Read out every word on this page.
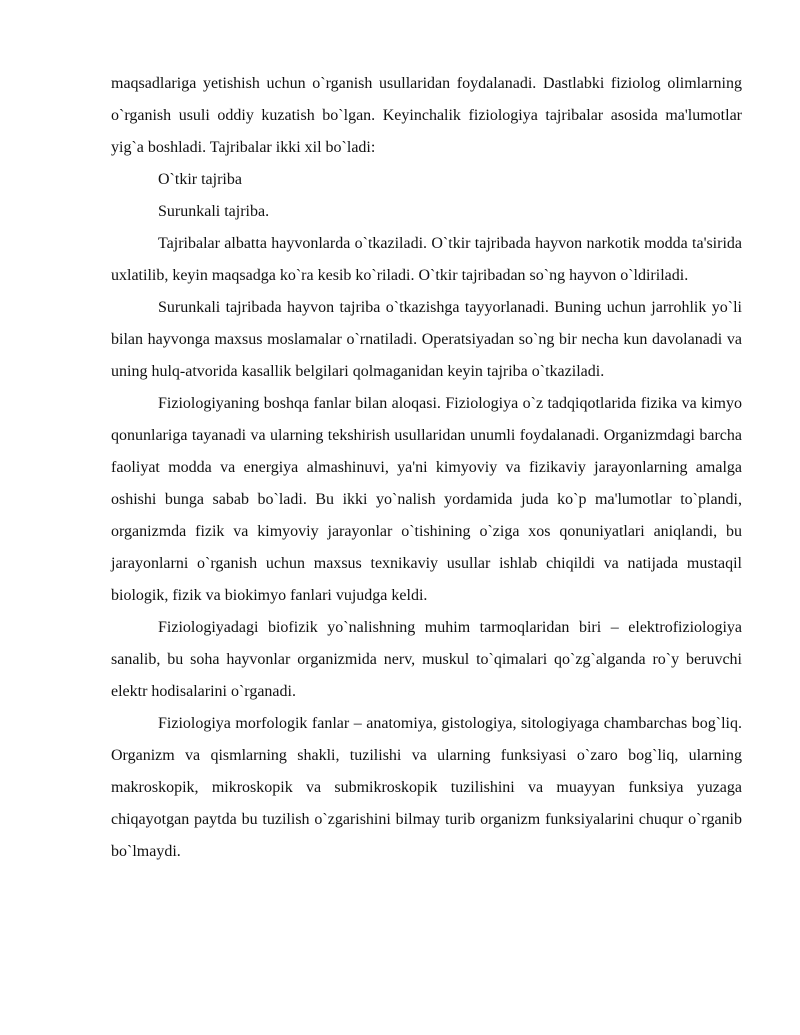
maqsadlariga yetishish uchun o`rganish usullaridan foydalanadi. Dastlabki fiziolog olimlarning o`rganish usuli oddiy kuzatish bo`lgan. Keyinchalik fiziologiya tajribalar asosida ma'lumotlar yig`a boshladi. Tajribalar ikki xil bo`ladi:

O`tkir tajriba

Surunkali tajriba.

Tajribalar albatta hayvonlarda o`tkaziladi. O`tkir tajribada hayvon narkotik modda ta'sirida uxlatilib, keyin maqsadga ko`ra kesib ko`riladi. O`tkir tajribadan so`ng hayvon o`ldiriladi.

Surunkali tajribada hayvon tajriba o`tkazishga tayyorlanadi. Buning uchun jarrohlik yo`li bilan hayvonga maxsus moslamalar o`rnatiladi. Operatsiyadan so`ng bir necha kun davolanadi va uning hulq-atvorida kasallik belgilari qolmaganidan keyin tajriba o`tkaziladi.

Fiziologiyaning boshqa fanlar bilan aloqasi. Fiziologiya o`z tadqiqotlarida fizika va kimyo qonunlariga tayanadi va ularning tekshirish usullaridan unumli foydalanadi. Organizmdagi barcha faoliyat modda va energiya almashinuvi, ya'ni kimyoviy va fizikaviy jarayonlarning amalga oshishi bunga sabab bo`ladi. Bu ikki yo`nalish yordamida juda ko`p ma'lumotlar to`plandi, organizmda fizik va kimyoviy jarayonlar o`tishining o`ziga xos qonuniyatlari aniqlandi, bu jarayonlarni o`rganish uchun maxsus texnikaviy usullar ishlab chiqildi va natijada mustaqil biologik, fizik va biokimyo fanlari vujudga keldi.

Fiziologiyadagi biofizik yo`nalishning muhim tarmoqlaridan biri – elektrofiziologiya sanalib, bu soha hayvonlar organizmida nerv, muskul to`qimalari qo`zg`alganda ro`y beruvchi elektr hodisalarini o`rganadi.

Fiziologiya morfologik fanlar – anatomiya, gistologiya, sitologiyaga chambarchas bog`liq. Organizm va qismlarning shakli, tuzilishi va ularning funksiyasi o`zaro bog`liq, ularning makroskopik, mikroskopik va submikroskopik tuzilishini va muayyan funksiya yuzaga chiqayotgan paytda bu tuzilish o`zgarishini bilmay turib organizm funksiyalarini chuqur o`rganib bo`lmaydi.
